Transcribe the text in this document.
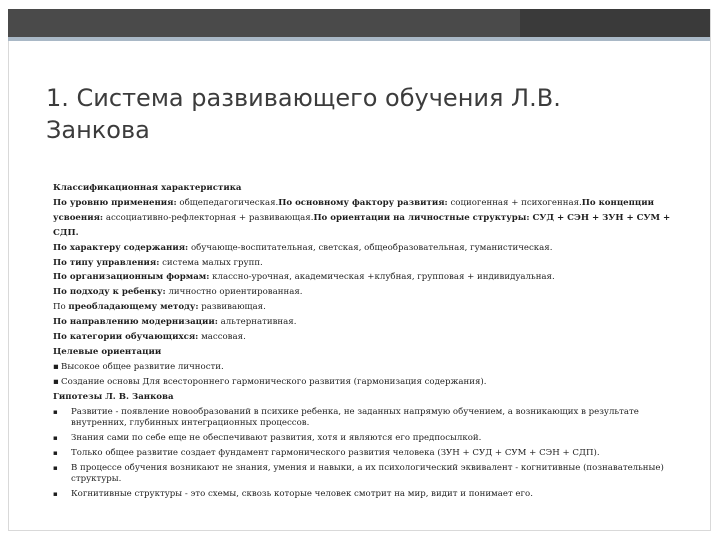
1. Система развивающего обучения Л.В. Занкова

Классификационная характеристика

По уровню применения: общепедагогическая.По основному фактору развития: социогенная + психогенная.По концепции усвоения: ассоциативно-рефлекторная + развивающая.По ориентации на личностные структуры: СУД + СЭН + ЗУН + СУМ + СДП.

По характеру содержания: обучающе-воспитательная, светская, общеобразовательная, гуманистическая.

По типу управления: система малых групп.

По организационным формам: классно-урочная, академическая +клубная, групповая + индивидуальная.

По подходу к ребенку: личностно ориентированная.

По преобладающему методу: развивающая.

По направлению модернизации: альтернативная.

По категории обучающихся: массовая.

Целевые ориентации

▪ Высокое общее развитие личности.
▪ Создание основы Для всестороннего гармонического развития (гармонизация содержания).

Гипотезы Л. В. Занкова

▪	Развитие - появление новообразований в психике ребенка, не заданных напрямую обучением, а возникающих в результате внутренних, глубинных интеграционных процессов.
▪	Знания сами по себе еще не обеспечивают развития, хотя и являются его предпосылкой.
▪	Только общее развитие создает фундамент гармонического развития человека (ЗУН + СУД + СУМ + СЭН + СДП).
▪	В процессе обучения возникают не знания, умения и навыки, а их психологический эквивалент - когнитивные (познавательные) структуры.
▪	Когнитивные структуры - это схемы, сквозь которые человек смотрит на мир, видит и понимает его.
